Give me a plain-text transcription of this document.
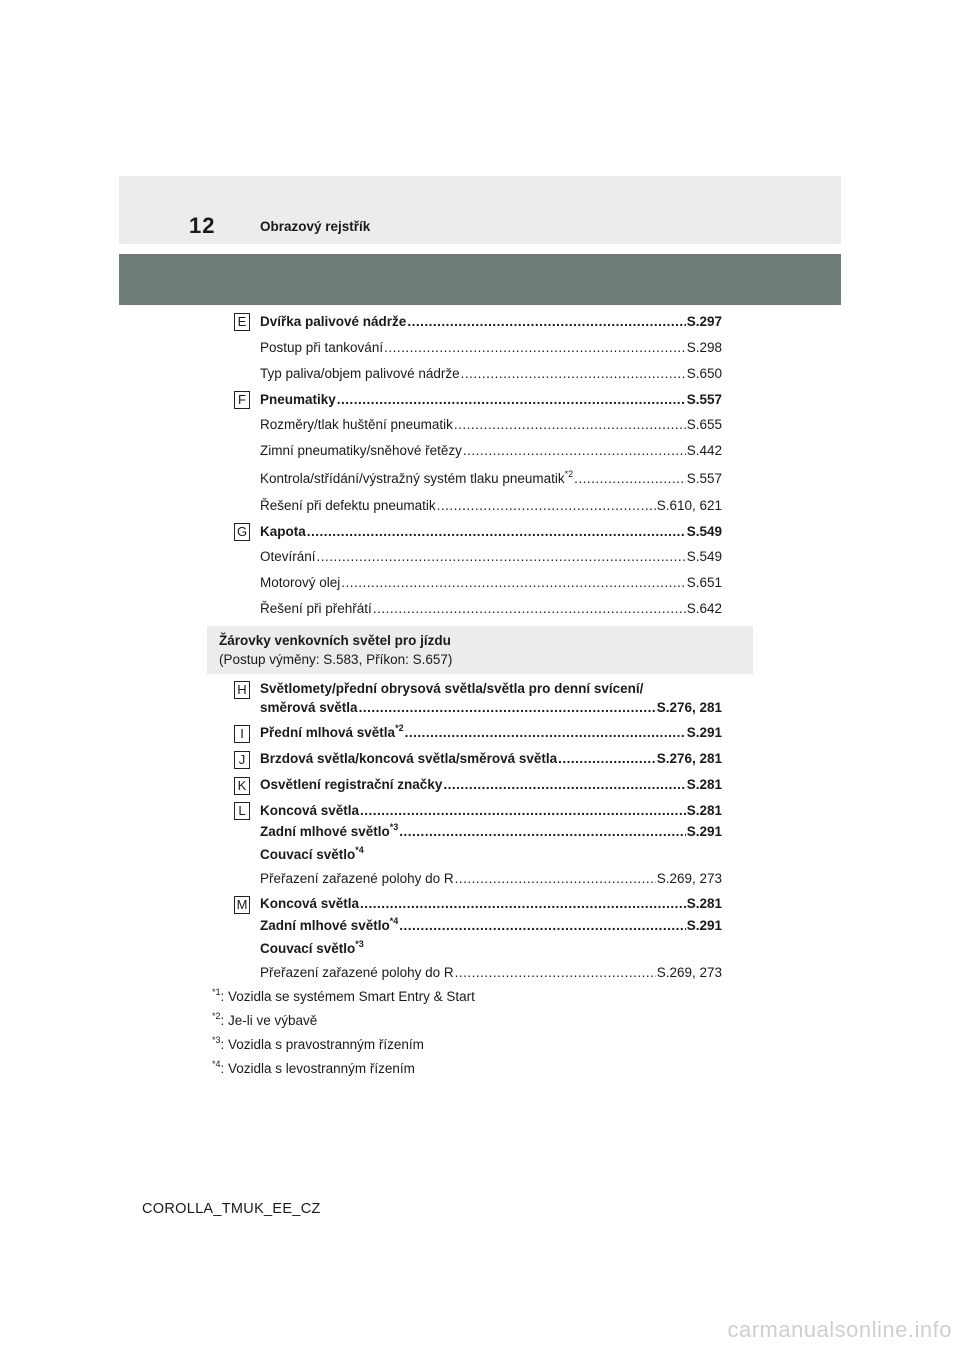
12	Obrazový rejstřík
E Dvířka palivové nádrže .....	S.297
Postup při tankování .....	S.298
Typ paliva/objem palivové nádrže .....	S.650
F Pneumatiky .....	S.557
Rozměry/tlak huštění pneumatik .....	S.655
Zimní pneumatiky/sněhové řetězy .....	S.442
Kontrola/střídání/výstražný systém tlaku pneumatik$^{*2}$ .....	S.557
Řešení při defektu pneumatik .....	S.610, 621
G Kapota .....	S.549
Otevírání .....	S.549
Motorový olej .....	S.651
Řešení při přehřátí .....	S.642
Žárovky venkovních světel pro jízdu
(Postup výměny: S.583, Příkon: S.657)
H Světlomety/přední obrysová světla/světla pro denní svícení/
směrová světla .....	S.276, 281
I	Přední mlhová světla$^{*2}$ .....	S.291
J	Brzdová světla/koncová světla/směrová světla .....	S.276, 281
K Osvětlení registrační značky .....	S.281
L	Koncová světla .....	S.281
Zadní mlhové světlo$^{*3}$ .....	S.291
Couvací světlo$^{*4}$
Přeřazení zařazené polohy do R .....	S.269, 273
M Koncová světla .....	S.281
Zadní mlhové světlo$^{*4}$ .....	S.291
Couvací světlo$^{*3}$
Přeřazení zařazené polohy do R .....	S.269, 273
$^{*1}$: Vozidla se systémem Smart Entry & Start
$^{*2}$: Je-li ve výbavě
$^{*3}$: Vozidla s pravostranným řízením
$^{*4}$: Vozidla s levostranným řízením
COROLLA_TMUK_EE_CZ
carmanualsonline.info
